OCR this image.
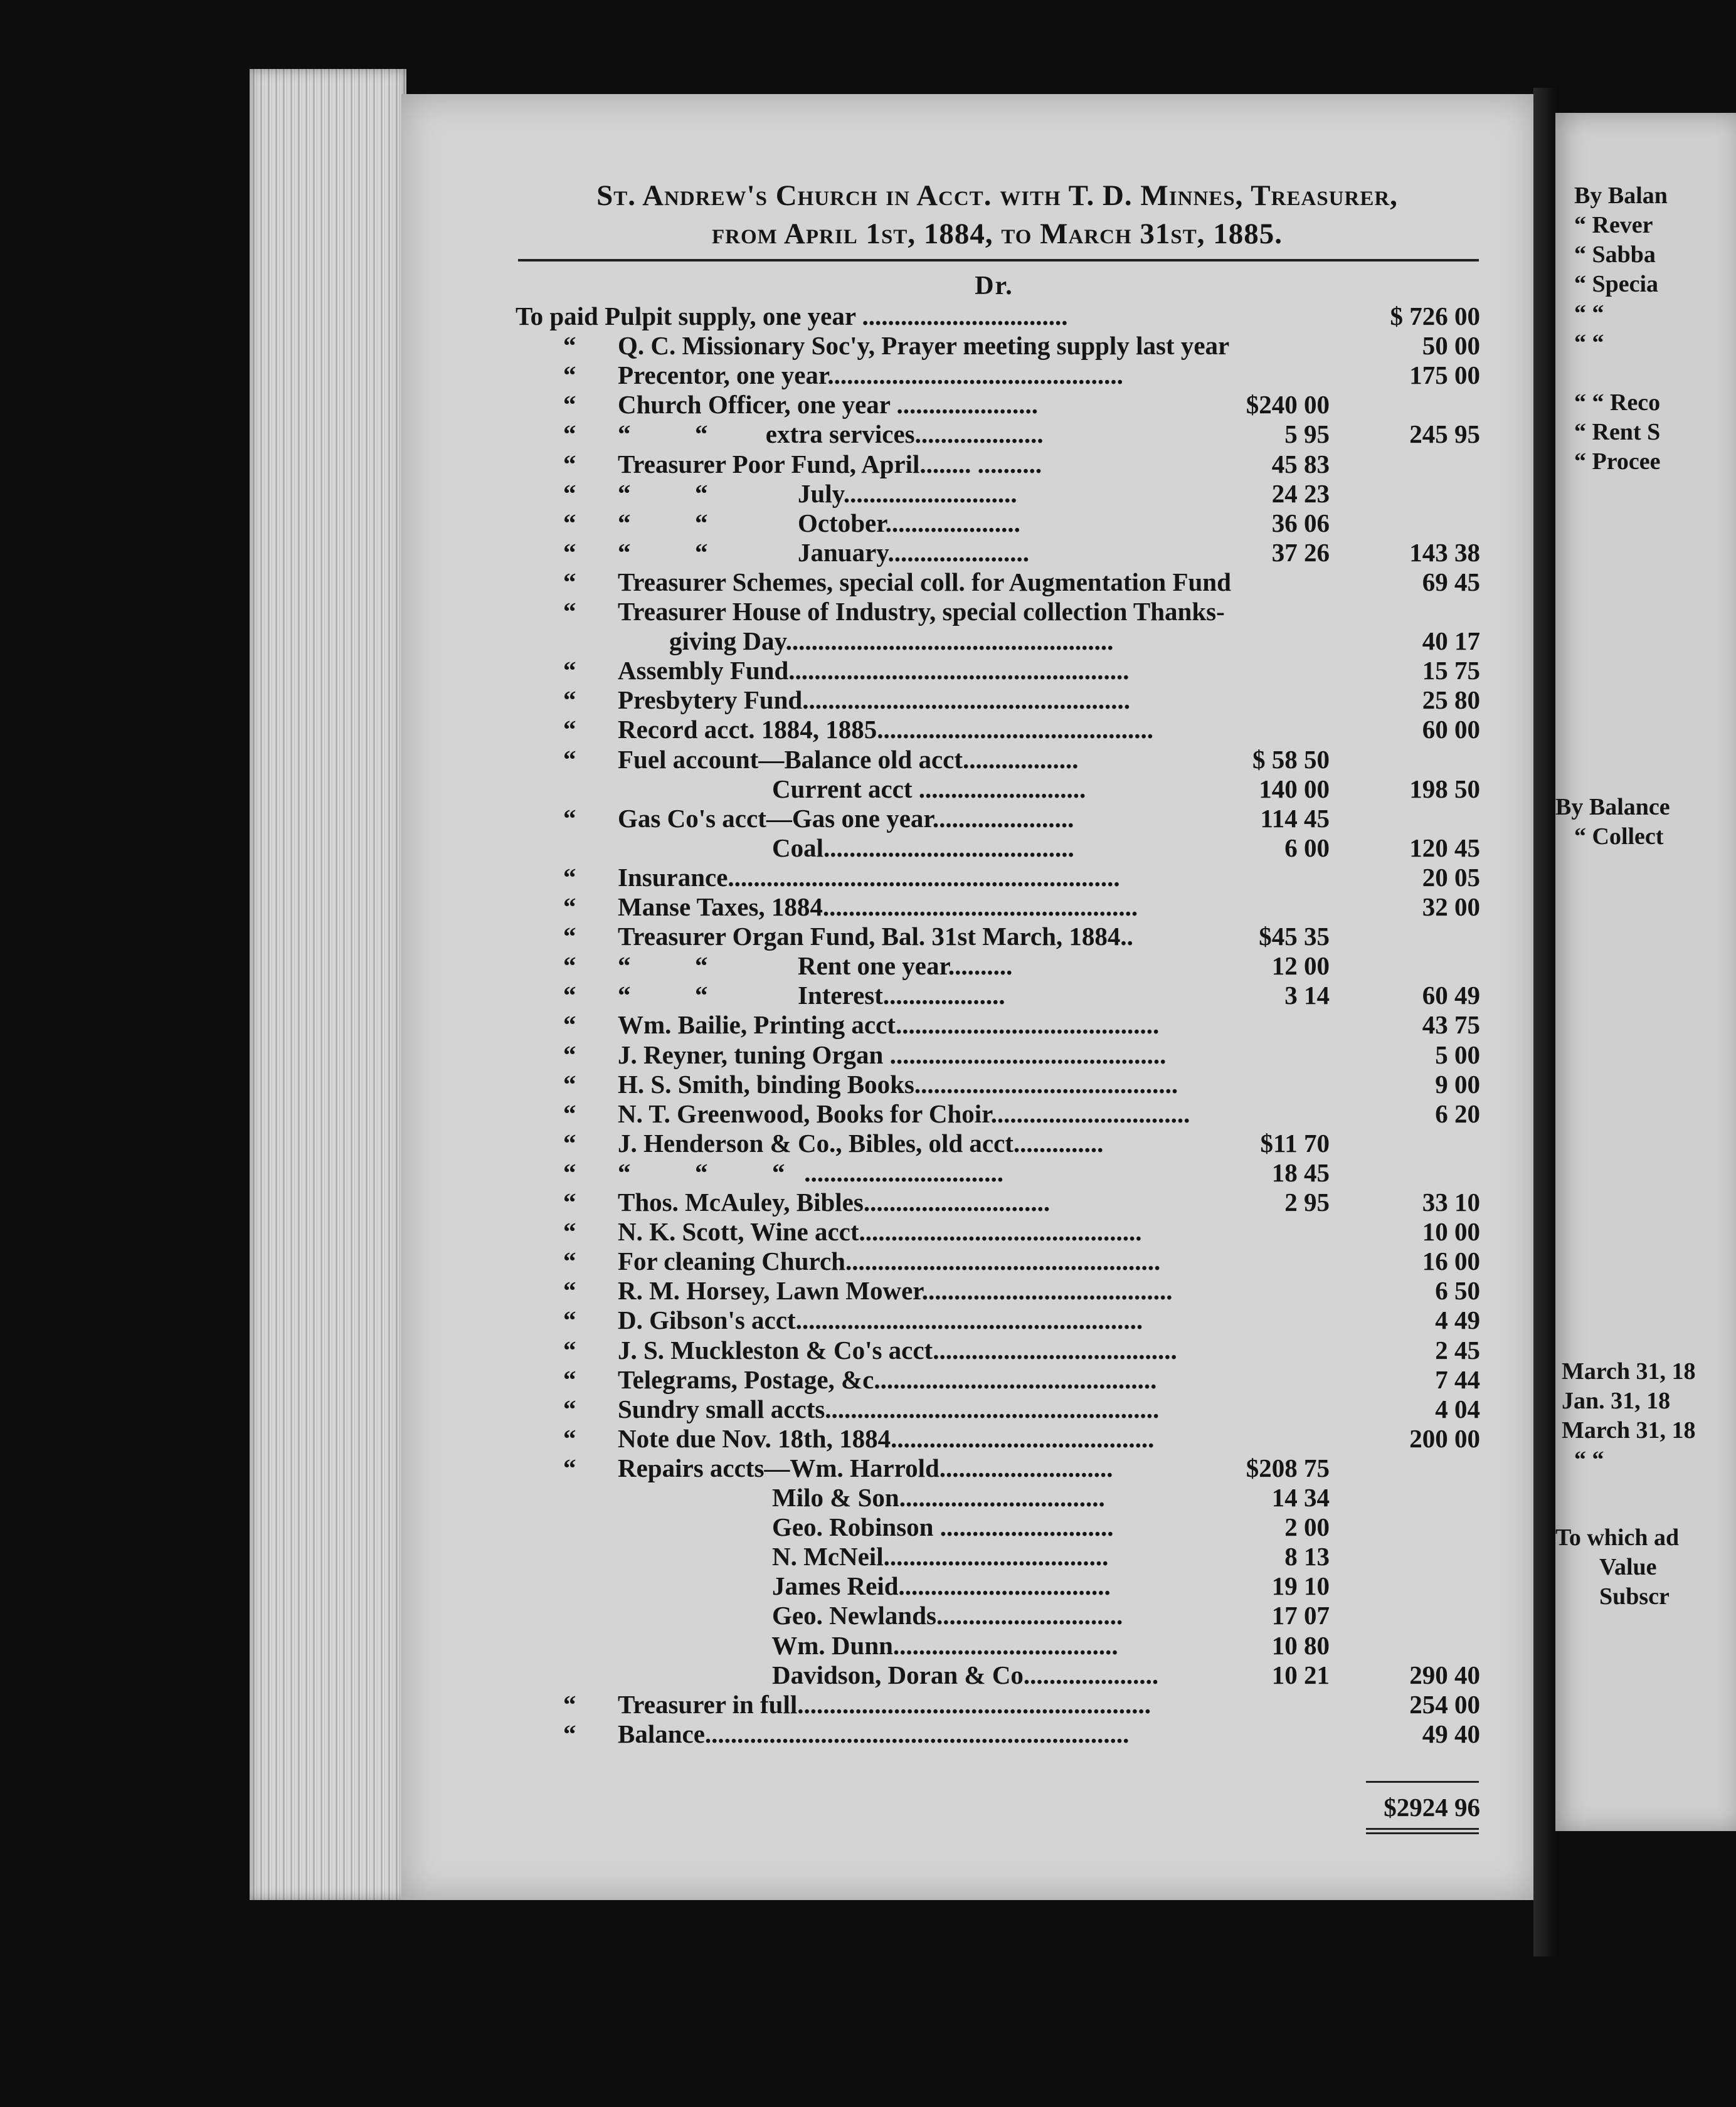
By Balan
“ Rever
“ Sabba
“ Specia
“ “
“ “
“ “ Reco
“ Rent S
“ Procee
By Balance
“ Collect
March 31, 18
Jan. 31, 18
March 31, 18
“ “
To which ad
Value
Subscr
St. Andrew's Church in Acct. with T. D. Minnes, Treasurer,
from April 1st, 1884, to March 31st, 1885.
Dr.
To paid Pulpit supply, one year ................................	$ 726 00
“ Q. C. Missionary Soc'y, Prayer meeting supply last year	50 00
“ Precentor, one year..............................................	175 00
“ Church Officer, one year ......................	$240 00
“ “          “         extra services....................	5 95	245 95
“ Treasurer Poor Fund, April........ ..........	45 83
“ “          “              July...........................	24 23
“ “          “              October.....................	36 06
“ “          “              January......................	37 26	143 38
“ Treasurer Schemes, special coll. for Augmentation Fund	69 45
“ Treasurer House of Industry, special collection Thanks-
giving Day...................................................	40 17
“ Assembly Fund.....................................................	15 75
“ Presbytery Fund...................................................	25 80
“ Record acct. 1884, 1885...........................................	60 00
“ Fuel account—Balance old acct..................	$ 58 50
Current acct ..........................	140 00	198 50
“ Gas Co's acct—Gas one year......................	114 45
Coal.......................................	6 00	120 45
“ Insurance.............................................................	20 05
“ Manse Taxes, 1884.................................................	32 00
“ Treasurer Organ Fund, Bal. 31st March, 1884..	$45 35
“ “          “              Rent one year..........	12 00
“ “          “              Interest...................	3 14	60 49
“ Wm. Bailie, Printing acct.........................................	43 75
“ J. Reyner, tuning Organ ...........................................	5 00
“ H. S. Smith, binding Books.........................................	9 00
“ N. T. Greenwood, Books for Choir...............................	6 20
“ J. Henderson & Co., Bibles, old acct..............	$11 70
“ “          “          “   ...............................	18 45
“ Thos. McAuley, Bibles.............................	2 95	33 10
“ N. K. Scott, Wine acct............................................	10 00
“ For cleaning Church.................................................	16 00
“ R. M. Horsey, Lawn Mower.......................................	6 50
“ D. Gibson's acct......................................................	4 49
“ J. S. Muckleston & Co's acct......................................	2 45
“ Telegrams, Postage, &c............................................	7 44
“ Sundry small accts....................................................	4 04
“ Note due Nov. 18th, 1884.........................................	200 00
“ Repairs accts—Wm. Harrold...........................	$208 75
Milo & Son................................	14 34
Geo. Robinson ...........................	2 00
N. McNeil...................................	8 13
James Reid.................................	19 10
Geo. Newlands.............................	17 07
Wm. Dunn...................................	10 80
Davidson, Doran & Co.....................	10 21	290 40
“ Treasurer in full.......................................................	254 00
“ Balance..................................................................	49 40
$2924 96
